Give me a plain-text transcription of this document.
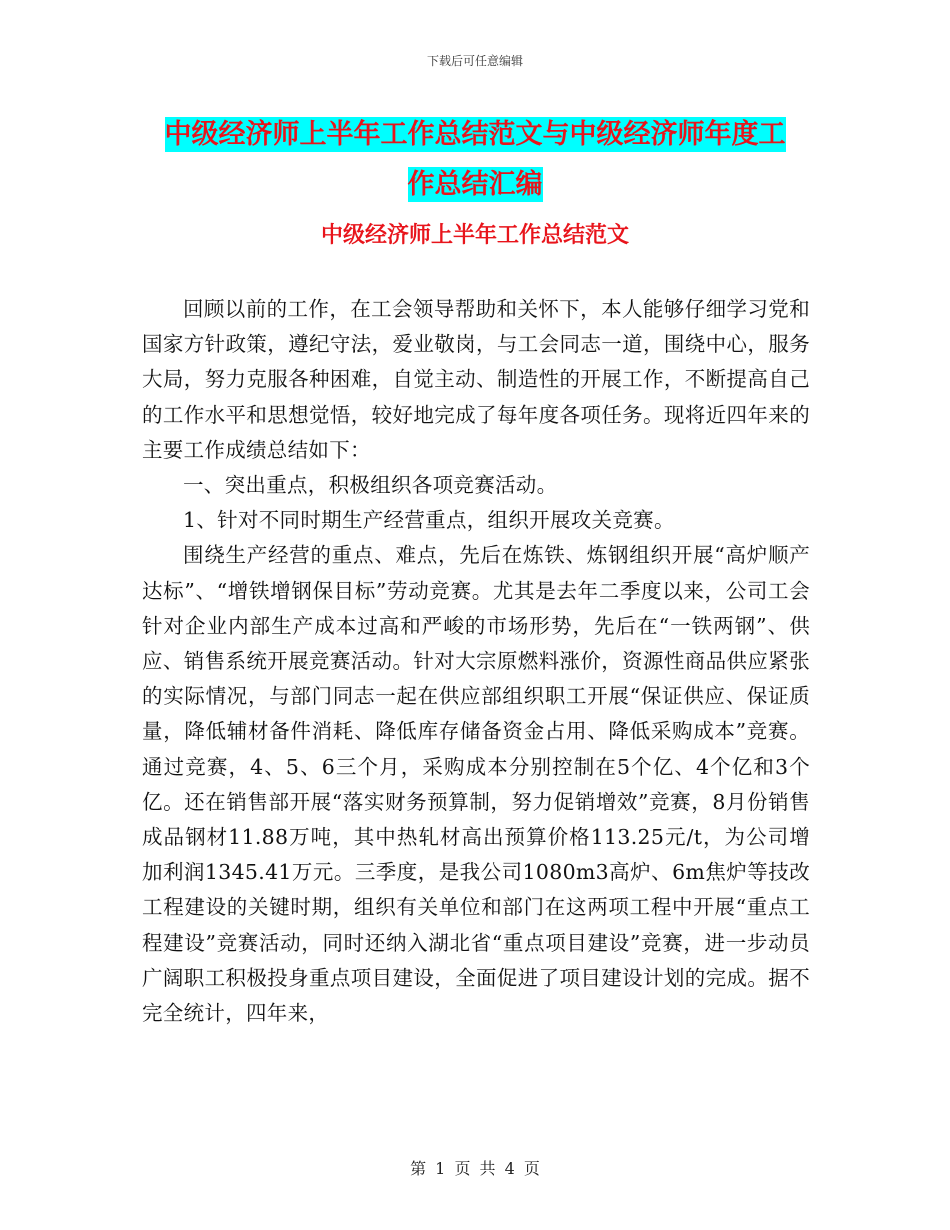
下载后可任意编辑
中级经济师上半年工作总结范文与中级经济师年度工
作总结汇编
中级经济师上半年工作总结范文

回顾以前的工作，在工会领导帮助和关怀下，本人能够仔细学习党和国家方针政策，遵纪守法，爱业敬岗，与工会同志一道，围绕中心，服务大局，努力克服各种困难，自觉主动、制造性的开展工作，不断提高自己的工作水平和思想觉悟，较好地完成了每年度各项任务。现将近四年来的主要工作成绩总结如下：

一、突出重点，积极组织各项竞赛活动。

1、针对不同时期生产经营重点，组织开展攻关竞赛。

围绕生产经营的重点、难点，先后在炼铁、炼钢组织开展“高炉顺产达标”、“增铁增钢保目标”劳动竞赛。尤其是去年二季度以来，公司工会针对企业内部生产成本过高和严峻的市场形势，先后在“一铁两钢”、供应、销售系统开展竞赛活动。针对大宗原燃料涨价，资源性商品供应紧张的实际情况，与部门同志一起在供应部组织职工开展“保证供应、保证质量，降低辅材备件消耗、降低库存储备资金占用、降低采购成本”竞赛。通过竞赛，4、5、6三个月，采购成本分别控制在5个亿、4个亿和3个亿。还在销售部开展“落实财务预算制，努力促销增效”竞赛，8月份销售成品钢材11.88万吨，其中热轧材高出预算价格113.25元/t，为公司增加利润1345.41万元。三季度，是我公司1080m3高炉、6m焦炉等技改工程建设的关键时期，组织有关单位和部门在这两项工程中开展“重点工程建设”竞赛活动，同时还纳入湖北省“重点项目建设”竞赛，进一步动员广阔职工积极投身重点项目建设，全面促进了项目建设计划的完成。据不完全统计，四年来，

第 1 页 共 4 页
